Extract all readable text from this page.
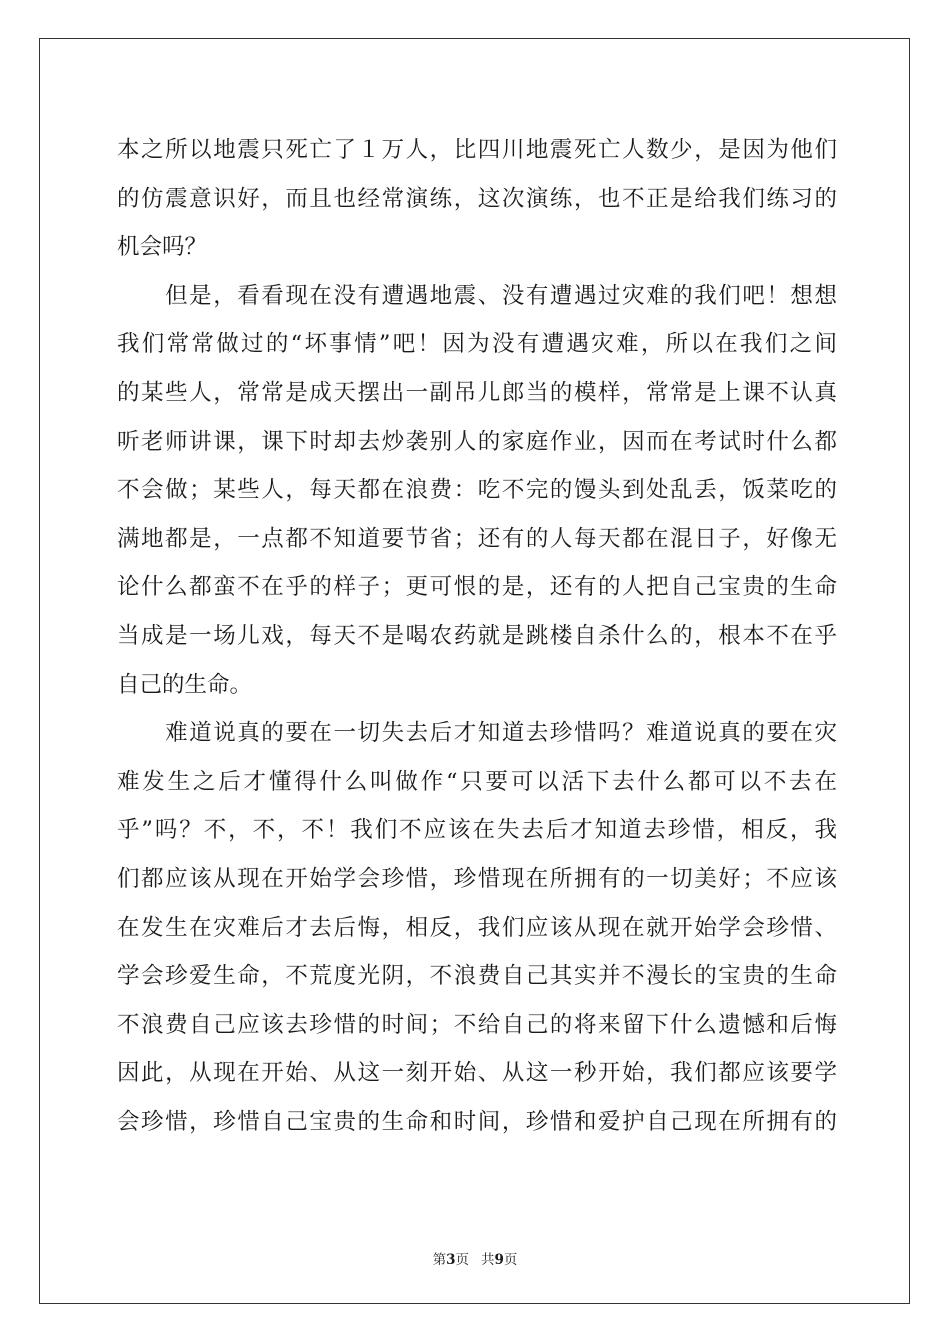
本之所以地震只死亡了１万人，比四川地震死亡人数少，是因为他们
的仿震意识好，而且也经常演练，这次演练，也不正是给我们练习的
机会吗？
　　但是，看看现在没有遭遇地震、没有遭遇过灾难的我们吧！想想
我们常常做过的“坏事情”吧！因为没有遭遇灾难，所以在我们之间
的某些人，常常是成天摆出一副吊儿郎当的模样，常常是上课不认真
听老师讲课，课下时却去炒袭别人的家庭作业，因而在考试时什么都
不会做；某些人，每天都在浪费：吃不完的馒头到处乱丢，饭菜吃的
满地都是，一点都不知道要节省；还有的人每天都在混日子，好像无
论什么都蛮不在乎的样子；更可恨的是，还有的人把自己宝贵的生命
当成是一场儿戏，每天不是喝农药就是跳楼自杀什么的，根本不在乎
自己的生命。
　　难道说真的要在一切失去后才知道去珍惜吗？难道说真的要在灾
难发生之后才懂得什么叫做作“只要可以活下去什么都可以不去在
乎”吗？不，不，不！我们不应该在失去后才知道去珍惜，相反，我
们都应该从现在开始学会珍惜，珍惜现在所拥有的一切美好；不应该
在发生在灾难后才去后悔，相反，我们应该从现在就开始学会珍惜、
学会珍爱生命，不荒度光阴，不浪费自己其实并不漫长的宝贵的生命
不浪费自己应该去珍惜的时间；不给自己的将来留下什么遗憾和后悔
因此，从现在开始、从这一刻开始、从这一秒开始，我们都应该要学
会珍惜，珍惜自己宝贵的生命和时间，珍惜和爱护自己现在所拥有的
第3页 共9页
